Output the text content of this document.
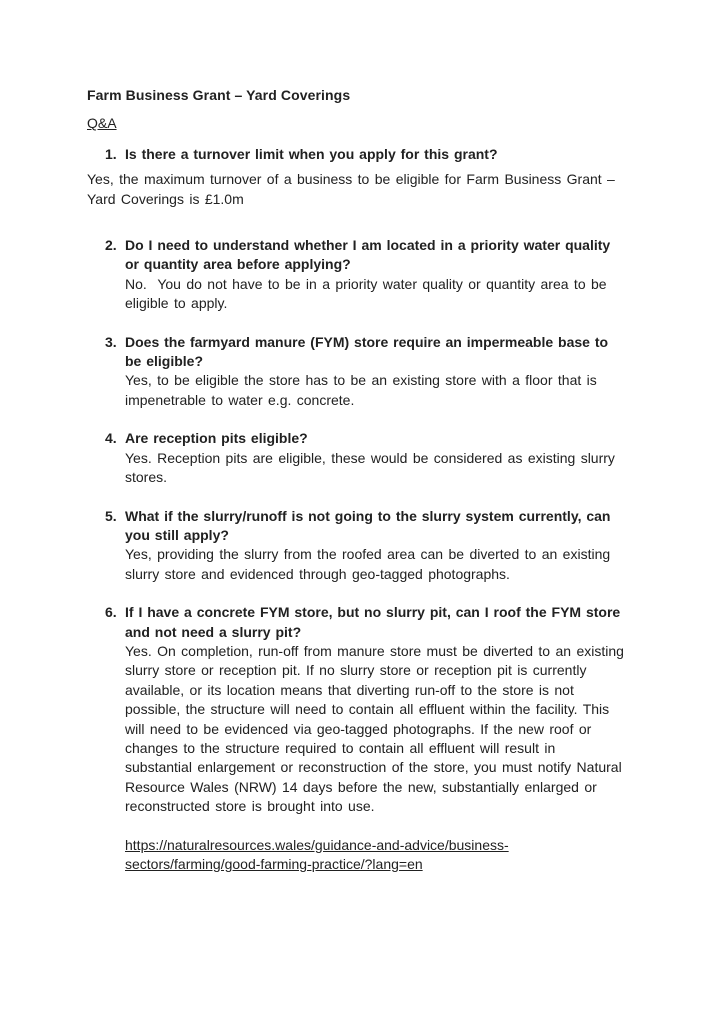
Farm Business Grant – Yard Coverings
Q&A
1. Is there a turnover limit when you apply for this grant?

Yes, the maximum turnover of a business to be eligible for Farm Business Grant – Yard Coverings is £1.0m

2. Do I need to understand whether I am located in a priority water quality or quantity area before applying?
No.  You do not have to be in a priority water quality or quantity area to be eligible to apply.
3. Does the farmyard manure (FYM) store require an impermeable base to be eligible?
Yes, to be eligible the store has to be an existing store with a floor that is impenetrable to water e.g. concrete.
4. Are reception pits eligible?
Yes. Reception pits are eligible, these would be considered as existing slurry stores.
5. What if the slurry/runoff is not going to the slurry system currently, can you still apply?
Yes, providing the slurry from the roofed area can be diverted to an existing slurry store and evidenced through geo-tagged photographs.
6. If I have a concrete FYM store, but no slurry pit, can I roof the FYM store and not need a slurry pit?
Yes. On completion, run-off from manure store must be diverted to an existing slurry store or reception pit. If no slurry store or reception pit is currently available, or its location means that diverting run-off to the store is not possible, the structure will need to contain all effluent within the facility. This will need to be evidenced via geo-tagged photographs. If the new roof or changes to the structure required to contain all effluent will result in substantial enlargement or reconstruction of the store, you must notify Natural Resource Wales (NRW) 14 days before the new, substantially enlarged or reconstructed store is brought into use.
https://naturalresources.wales/guidance-and-advice/business-sectors/farming/good-farming-practice/?lang=en
